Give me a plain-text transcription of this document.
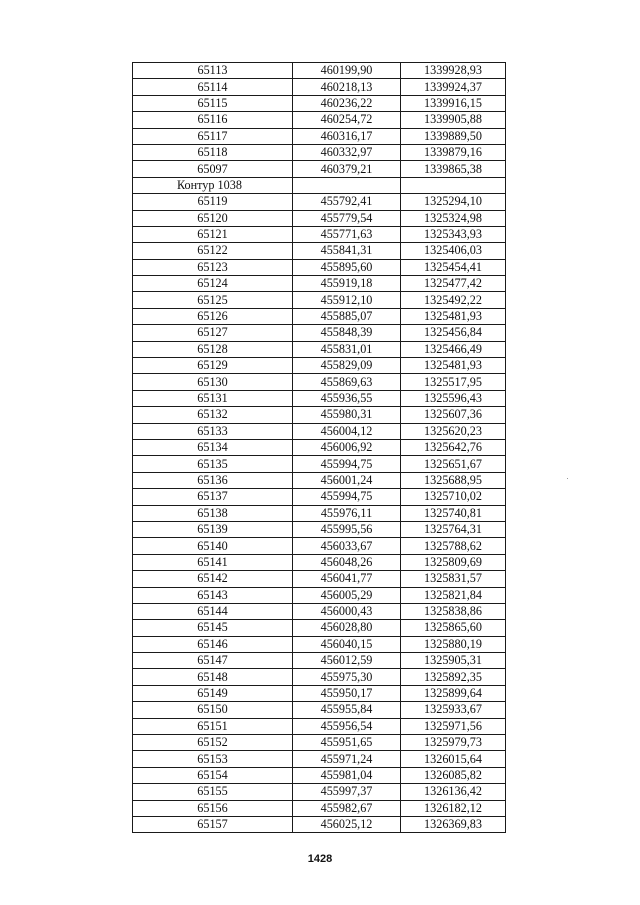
65113	460199,90	1339928,93
65114	460218,13	1339924,37
65115	460236,22	1339916,15
65116	460254,72	1339905,88
65117	460316,17	1339889,50
65118	460332,97	1339879,16
65097	460379,21	1339865,38
Контур 1038		
65119	455792,41	1325294,10
65120	455779,54	1325324,98
65121	455771,63	1325343,93
65122	455841,31	1325406,03
65123	455895,60	1325454,41
65124	455919,18	1325477,42
65125	455912,10	1325492,22
65126	455885,07	1325481,93
65127	455848,39	1325456,84
65128	455831,01	1325466,49
65129	455829,09	1325481,93
65130	455869,63	1325517,95
65131	455936,55	1325596,43
65132	455980,31	1325607,36
65133	456004,12	1325620,23
65134	456006,92	1325642,76
65135	455994,75	1325651,67
65136	456001,24	1325688,95
65137	455994,75	1325710,02
65138	455976,11	1325740,81
65139	455995,56	1325764,31
65140	456033,67	1325788,62
65141	456048,26	1325809,69
65142	456041,77	1325831,57
65143	456005,29	1325821,84
65144	456000,43	1325838,86
65145	456028,80	1325865,60
65146	456040,15	1325880,19
65147	456012,59	1325905,31
65148	455975,30	1325892,35
65149	455950,17	1325899,64
65150	455955,84	1325933,67
65151	455956,54	1325971,56
65152	455951,65	1325979,73
65153	455971,24	1326015,64
65154	455981,04	1326085,82
65155	455997,37	1326136,42
65156	455982,67	1326182,12
65157	456025,12	1326369,83
1428
